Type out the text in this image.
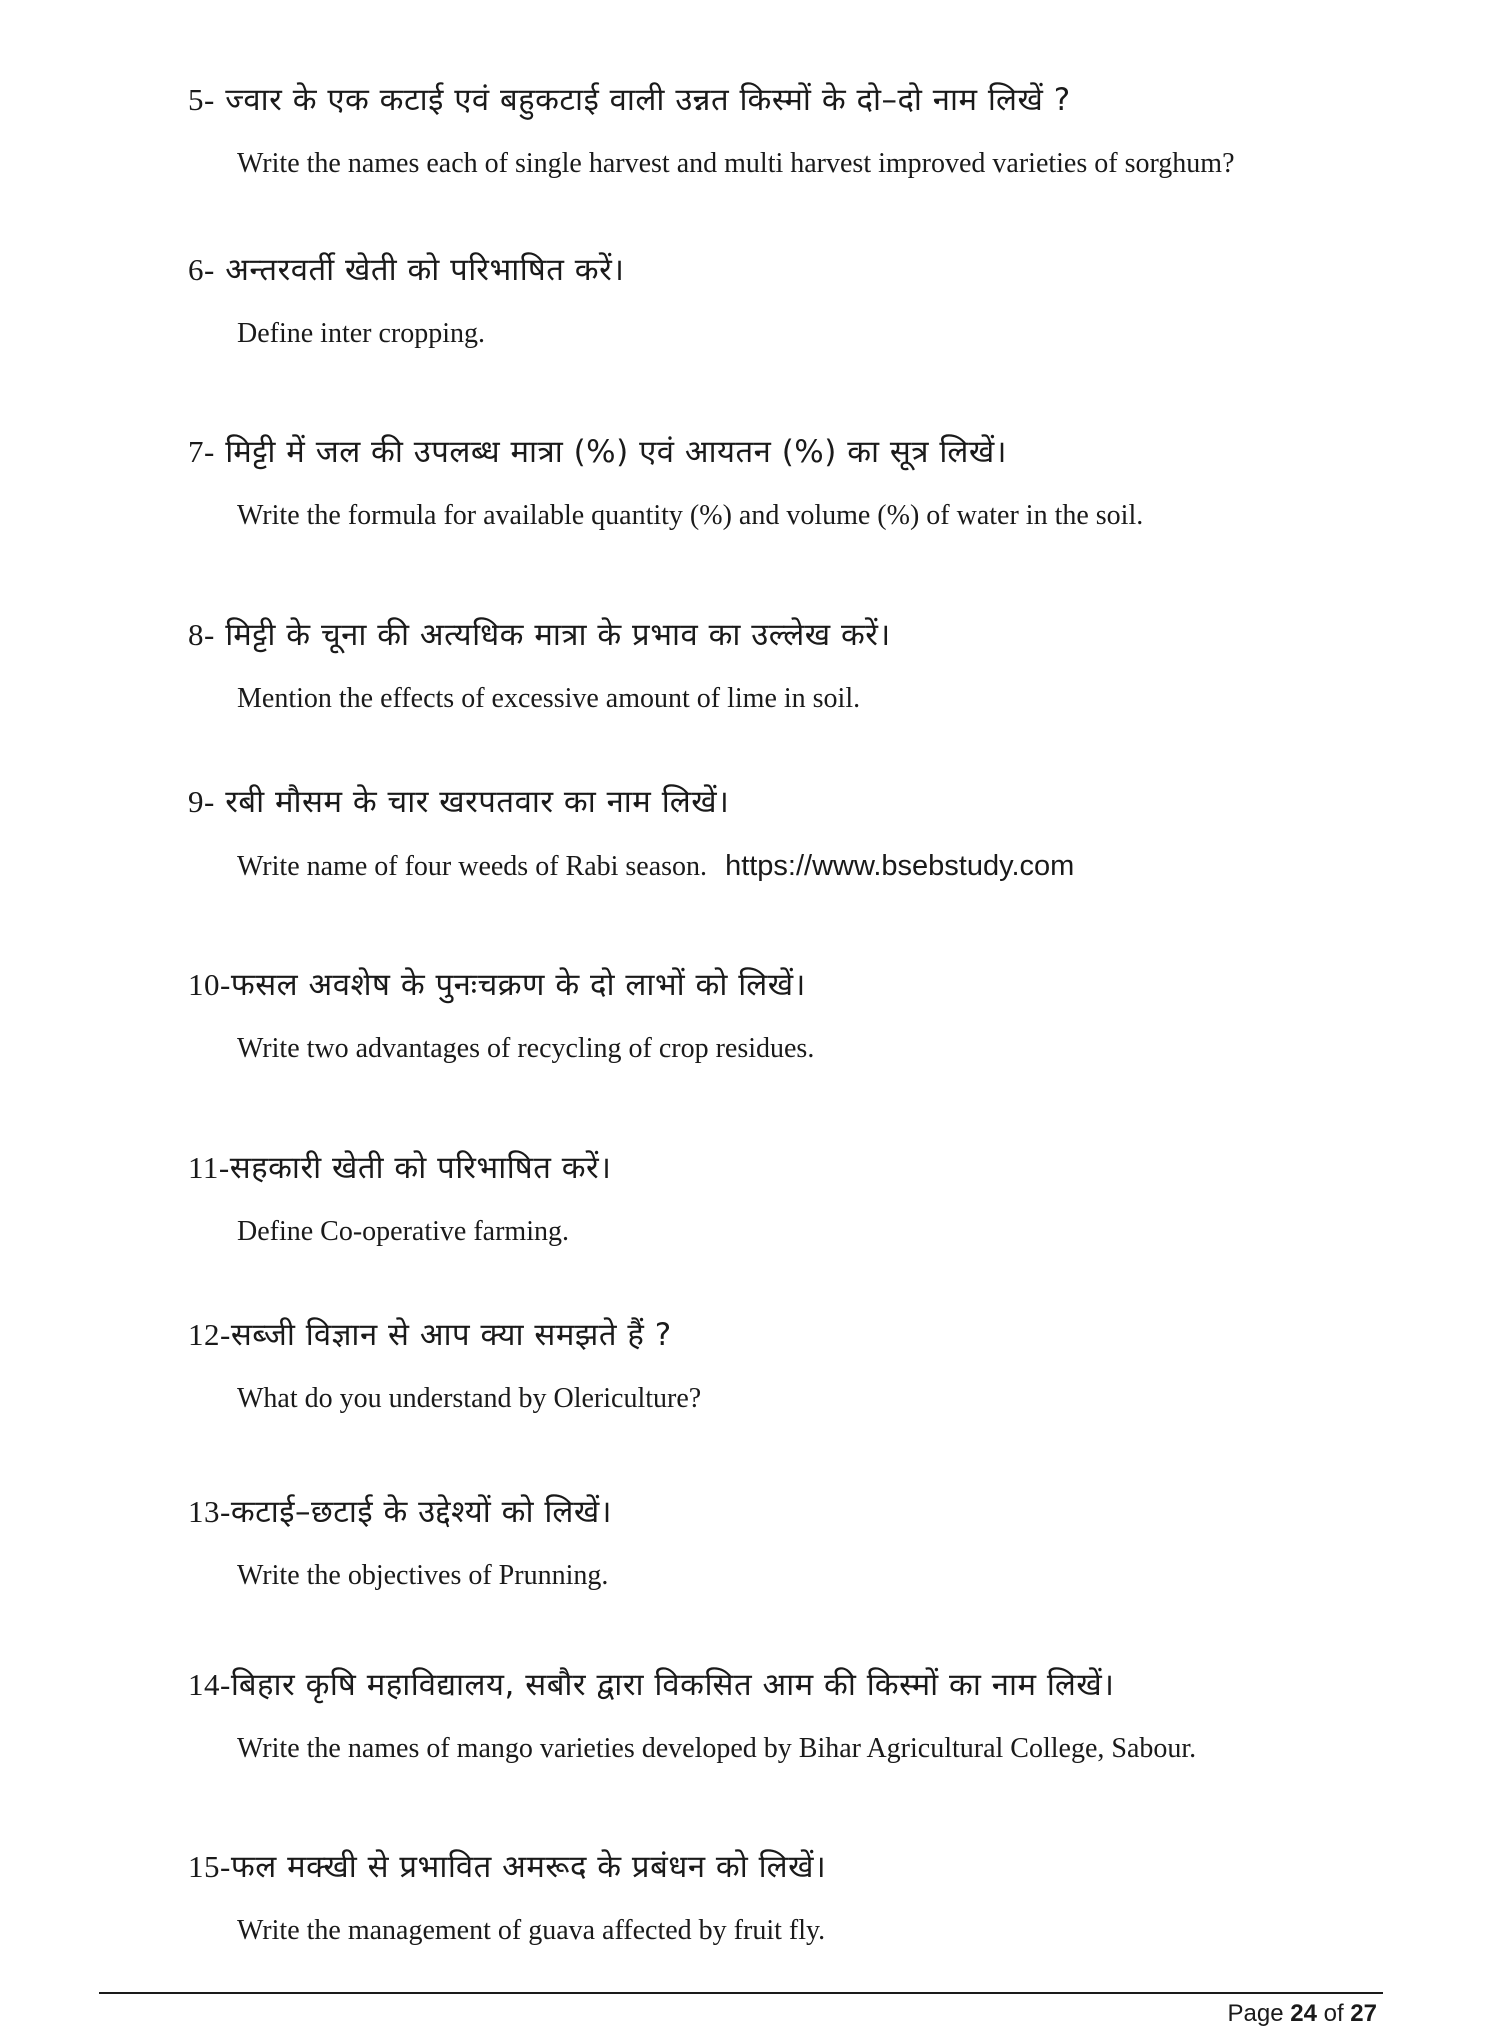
5- ज्वार के एक कटाई एवं बहुकटाई वाली उन्नत किस्मों के दो–दो नाम लिखें ?
Write the names each of single harvest and multi harvest improved varieties of sorghum?
6- अन्तरवर्ती खेती को परिभाषित करें।
Define inter cropping.
7- मिट्टी में जल की उपलब्ध मात्रा (%) एवं आयतन (%) का सूत्र लिखें।
Write the formula for available quantity (%) and volume (%) of water in the soil.
8- मिट्टी के चूना की अत्यधिक मात्रा के प्रभाव का उल्लेख करें।
Mention the effects of excessive amount of lime in soil.
9- रबी मौसम के चार खरपतवार का नाम लिखें।
Write name of four weeds of Rabi season. https://www.bsebstudy.com
10-फसल अवशेष के पुनःचक्रण के दो लाभों को लिखें।
Write two advantages of recycling of crop residues.
11-सहकारी खेती को परिभाषित करें।
Define Co-operative farming.
12-सब्जी विज्ञान से आप क्या समझते हैं ?
What do you understand by Olericulture?
13-कटाई–छटाई के उद्देश्यों को लिखें।
Write the objectives of Prunning.
14-बिहार कृषि महाविद्यालय, सबौर द्वारा विकसित आम की किस्मों का नाम लिखें।
Write the names of mango varieties developed by Bihar Agricultural College, Sabour.
15-फल मक्खी से प्रभावित अमरूद के प्रबंधन को लिखें।
Write the management of guava affected by fruit fly.
Page 24 of 27
